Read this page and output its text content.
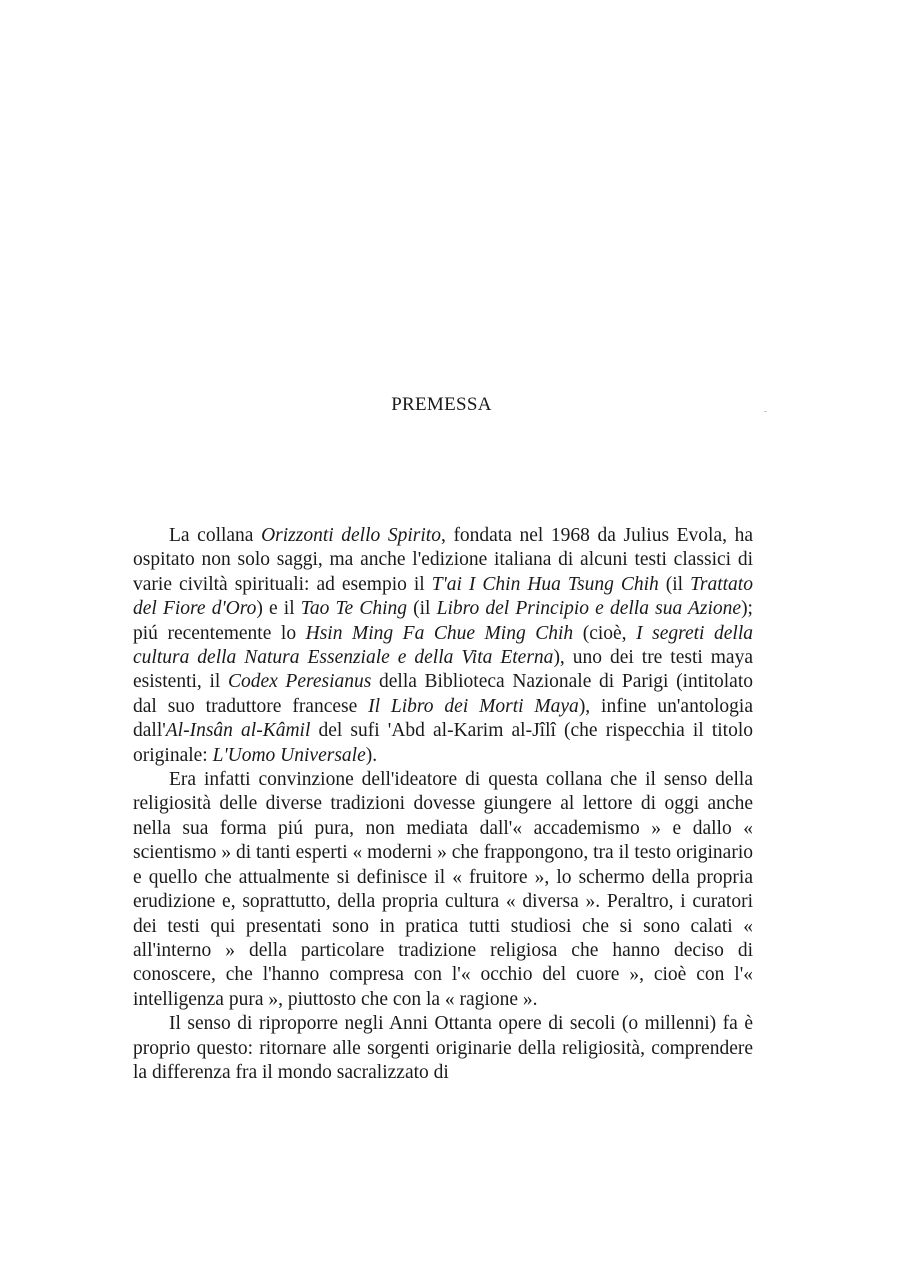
PREMESSA

La collana Orizzonti dello Spirito, fondata nel 1968 da Julius Evola, ha ospitato non solo saggi, ma anche l'edizione italiana di alcuni testi classici di varie civiltà spirituali: ad esempio il T'ai I Chin Hua Tsung Chih (il Trattato del Fiore d'Oro) e il Tao Te Ching (il Libro del Principio e della sua Azione); piú recentemente lo Hsin Ming Fa Chue Ming Chih (cioè, I segreti della cultura della Natura Essenziale e della Vita Eterna), uno dei tre testi maya esistenti, il Codex Peresianus della Biblioteca Nazionale di Parigi (intitolato dal suo traduttore francese Il Libro dei Morti Maya), infine un'antologia dall'Al-Insân al-Kâmil del sufi 'Abd al-Karim al-Jîlî (che rispecchia il titolo originale: L'Uomo Universale).

Era infatti convinzione dell'ideatore di questa collana che il senso della religiosità delle diverse tradizioni dovesse giungere al lettore di oggi anche nella sua forma piú pura, non mediata dall'« accademismo » e dallo « scientismo » di tanti esperti « moderni » che frappongono, tra il testo originario e quello che attualmente si definisce il « fruitore », lo schermo della propria erudizione e, soprattutto, della propria cultura « diversa ». Peraltro, i curatori dei testi qui presentati sono in pratica tutti studiosi che si sono calati « all'interno » della particolare tradizione religiosa che hanno deciso di conoscere, che l'hanno compresa con l'« occhio del cuore », cioè con l'« intelligenza pura », piuttosto che con la « ragione ».

Il senso di riproporre negli Anni Ottanta opere di secoli (o millenni) fa è proprio questo: ritornare alle sorgenti originarie della religiosità, comprendere la differenza fra il mondo sacralizzato di
